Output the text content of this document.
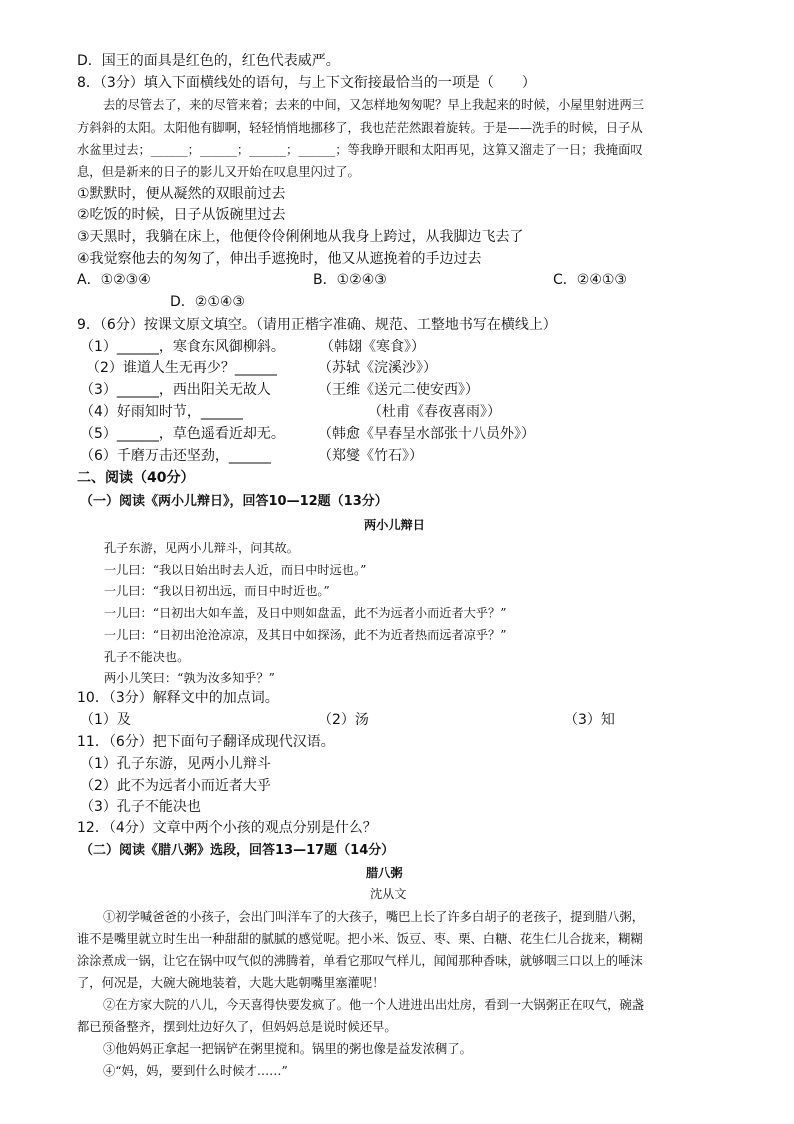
D．国王的面具是红色的，红色代表威严。
8．（3分）填入下面横线处的语句，与上下文衔接最恰当的一项是（　　）
去的尽管去了，来的尽管来着；去来的中间，又怎样地匆匆呢？早上我起来的时候，小屋里射进两三
方斜斜的太阳。太阳他有脚啊，轻轻悄悄地挪移了，我也茫茫然跟着旋转。于是——洗手的时候，日子从
水盆里过去；______；______；______；______；等我睁开眼和太阳再见，这算又溜走了一日；我掩面叹
息，但是新来的日子的影儿又开始在叹息里闪过了。
①默默时，便从凝然的双眼前过去
②吃饭的时候，日子从饭碗里过去
③天黑时，我躺在床上，他便伶伶俐俐地从我身上跨过，从我脚边飞去了
④我觉察他去的匆匆了，伸出手遮挽时，他又从遮挽着的手边过去
A．①②③④	B．①②④③	C．②④①③
D．②①④③
9．（6分）按课文原文填空。（请用正楷字准确、规范、工整地书写在横线上）
（1）______，寒食东风御柳斜。	（韩翃《寒食》）
（2）谁道人生无再少？______	（苏轼《浣溪沙》）
（3）______，西出阳关无故人	（王维《送元二使安西》）
（4）好雨知时节，______	（杜甫《春夜喜雨》）
（5）______，草色遥看近却无。 （韩愈《早春呈水部张十八员外》）
（6）千磨万击还坚劲，______	（郑燮《竹石》）
二、阅读（40分）
（一）阅读《两小儿辩日》，回答10—12题（13分）
两小儿辩日
孔子东游，见两小儿辩斗，问其故。
一儿曰：“我以日始出时去人近，而日中时远也。”
一儿曰：“我以日初出远，而日中时近也。”
一儿曰：“日初出大如车盖，及日中则如盘盂，此不为远者小而近者大乎？”
一儿曰：“日初出沧沧凉凉，及其日中如探汤，此不为近者热而远者凉乎？”
孔子不能决也。
两小儿笑曰：“孰为汝多知乎？”
10．（3分）解释文中的加点词。
（1）及	（2）汤	（3）知
11．（6分）把下面句子翻译成现代汉语。
（1）孔子东游，见两小儿辩斗
（2）此不为远者小而近者大乎
（3）孔子不能决也
12．（4分）文章中两个小孩的观点分别是什么？
（二）阅读《腊八粥》选段，回答13—17题（14分）
腊八粥
沈从文
①初学喊爸爸的小孩子，会出门叫洋车了的大孩子，嘴巴上长了许多白胡子的老孩子，提到腊八粥，
谁不是嘴里就立时生出一种甜甜的腻腻的感觉呢。把小米、饭豆、枣、栗、白糖、花生仁儿合拢来，糊糊
涂涂煮成一锅，让它在锅中叹气似的沸腾着，单看它那叹气样儿，闻闻那种香味，就够咽三口以上的唾沫
了，何况是，大碗大碗地装着，大匙大匙朝嘴里塞灌呢！
②在方家大院的八儿，今天喜得快要发疯了。他一个人进进出出灶房，看到一大锅粥正在叹气，碗盏
都已预备整齐，摆到灶边好久了，但妈妈总是说时候还早。
③他妈妈正拿起一把锅铲在粥里搅和。锅里的粥也像是益发浓稠了。
④“妈，妈，要到什么时候才……”
